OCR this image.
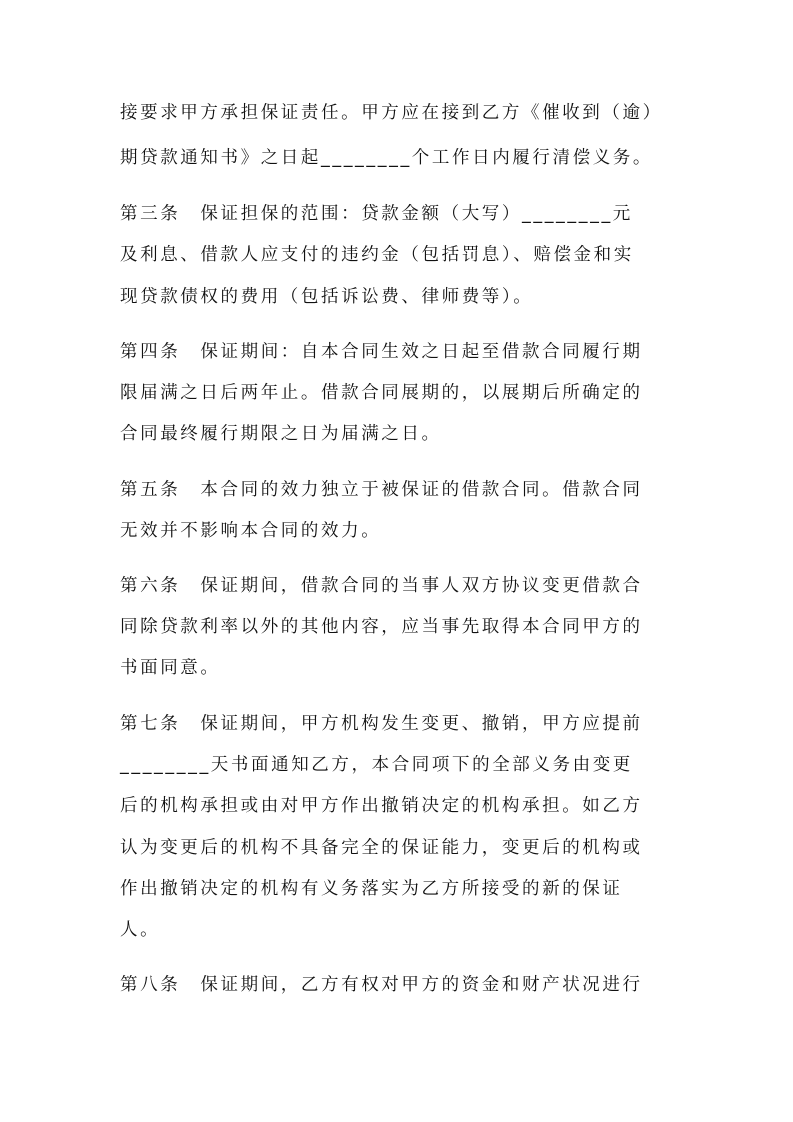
接要求甲方承担保证责任。甲方应在接到乙方《催收到（逾）
期贷款通知书》之日起________个工作日内履行清偿义务。
第三条　保证担保的范围：贷款金额（大写）________元
及利息、借款人应支付的违约金（包括罚息）、赔偿金和实
现贷款债权的费用（包括诉讼费、律师费等）。
第四条　保证期间：自本合同生效之日起至借款合同履行期
限届满之日后两年止。借款合同展期的，以展期后所确定的
合同最终履行期限之日为届满之日。
第五条　本合同的效力独立于被保证的借款合同。借款合同
无效并不影响本合同的效力。
第六条　保证期间，借款合同的当事人双方协议变更借款合
同除贷款利率以外的其他内容，应当事先取得本合同甲方的
书面同意。
第七条　保证期间，甲方机构发生变更、撤销，甲方应提前
________天书面通知乙方，本合同项下的全部义务由变更
后的机构承担或由对甲方作出撤销决定的机构承担。如乙方
认为变更后的机构不具备完全的保证能力，变更后的机构或
作出撤销决定的机构有义务落实为乙方所接受的新的保证
人。
第八条　保证期间，乙方有权对甲方的资金和财产状况进行
